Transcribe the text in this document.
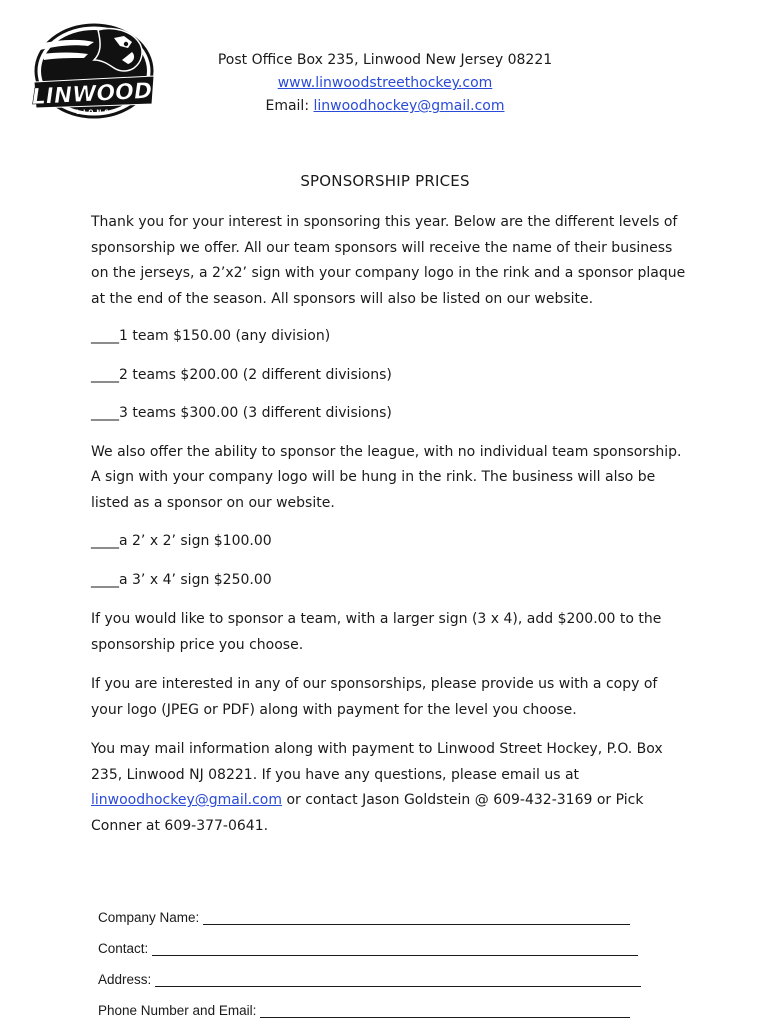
LINWOOD
LIONS
Post Office Box 235, Linwood New Jersey 08221
www.linwoodstreethockey.com
Email: linwoodhockey@gmail.com
SPONSORSHIP PRICES

Thank you for your interest in sponsoring this year. Below are the different levels of sponsorship we offer. All our team sponsors will receive the name of their business on the jerseys, a 2’x2’ sign with your company logo in the rink and a sponsor plaque at the end of the season. All sponsors will also be listed on our website.

____1 team $150.00 (any division)

____2 teams $200.00 (2 different divisions)

____3 teams $300.00 (3 different divisions)

We also offer the ability to sponsor the league, with no individual team sponsorship. A sign with your company logo will be hung in the rink. The business will also be listed as a sponsor on our website.

____a 2’ x 2’ sign $100.00

____a 3’ x 4’ sign $250.00

If you would like to sponsor a team, with a larger sign (3 x 4), add $200.00 to the sponsorship price you choose.

If you are interested in any of our sponsorships, please provide us with a copy of your logo (JPEG or PDF) along with payment for the level you choose.

You may mail information along with payment to Linwood Street Hockey, P.O. Box 235, Linwood NJ 08221. If you have any questions, please email us at linwoodhockey@gmail.com or contact Jason Goldstein @ 609-432-3169 or Pick Conner at 609-377-0641.

Company Name:
Contact:
Address:
Phone Number and Email:
